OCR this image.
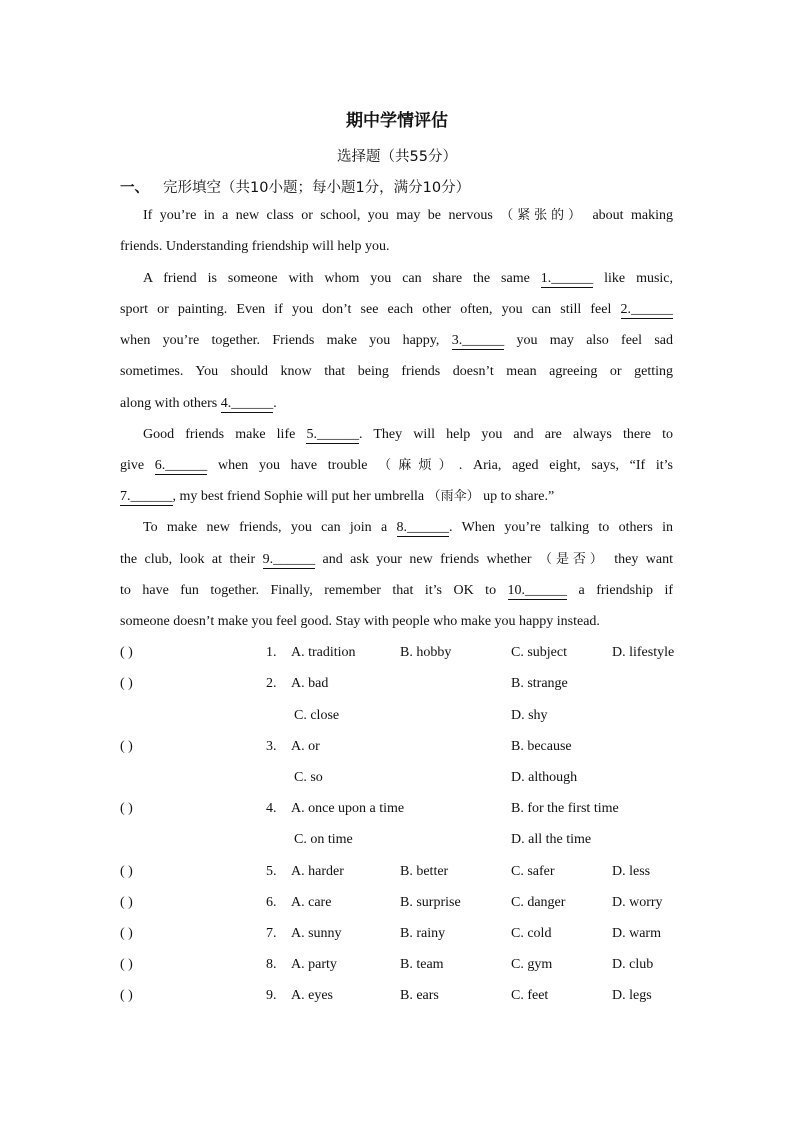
期中学情评估
选择题（共55分）
一、 完形填空（共10小题；每小题1分，满分10分）
If you’re in a new class or school, you may be nervous （紧张的） about making
friends. Understanding friendship will help you.
A friend is someone with whom you can share the same 1.______ like music,
sport or painting. Even if you don’t see each other often, you can still feel 2.______
when you’re together. Friends make you happy, 3.______ you may also feel sad
sometimes. You should know that being friends doesn’t mean agreeing or getting
along with others 4.______.
Good friends make life 5.______. They will help you and are always there to
give 6.______ when you have trouble （麻烦）. Aria, aged eight, says, “If it’s
7.______, my best friend Sophie will put her umbrella （雨伞） up to share.”
To make new friends, you can join a 8.______. When you’re talking to others in
the club, look at their 9.______ and ask your new friends whether （是否） they want
to have fun together. Finally, remember that it’s OK to 10.______ a friendship if
someone doesn’t make you feel good. Stay with people who make you happy instead.
( )	1. A. tradition	B. hobby	C. subject	D. lifestyle
( )	2. A. bad	B. strange
C. close	D. shy
( )	3. A. or	B. because
C. so	D. although
( )	4. A. once upon a time	B. for the first time
C. on time	D. all the time
( )	5. A. harder	B. better	C. safer	D. less
( )	6. A. care	B. surprise	C. danger	D. worry
( )	7. A. sunny	B. rainy	C. cold	D. warm
( )	8. A. party	B. team	C. gym	D. club
( )	9. A. eyes	B. ears	C. feet	D. legs
